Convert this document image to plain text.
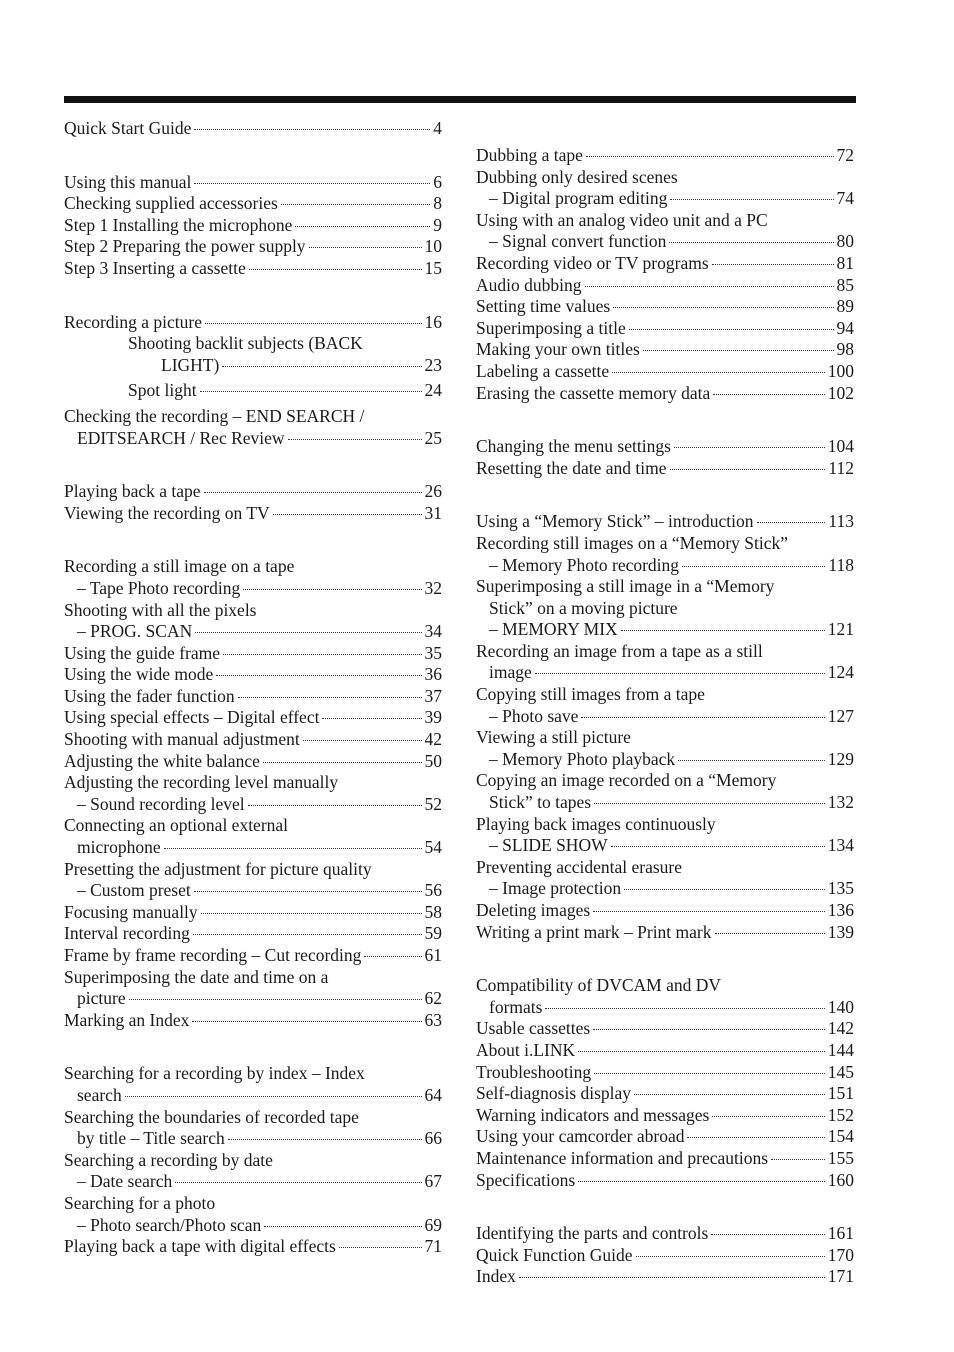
Quick Start Guide	4
Using this manual	6
Checking supplied accessories	8
Step 1 Installing the microphone	9
Step 2 Preparing the power supply	10
Step 3 Inserting a cassette	15
Recording a picture	16
Shooting backlit subjects (BACK
LIGHT)	23
Spot light	24
Checking the recording – END SEARCH /
EDITSEARCH / Rec Review	25
Playing back a tape	26
Viewing the recording on TV	31
Recording a still image on a tape
– Tape Photo recording	32
Shooting with all the pixels
– PROG. SCAN	34
Using the guide frame	35
Using the wide mode	36
Using the fader function	37
Using special effects – Digital effect	39
Shooting with manual adjustment	42
Adjusting the white balance	50
Adjusting the recording level manually
– Sound recording level	52
Connecting an optional external
microphone	54
Presetting the adjustment for picture quality
– Custom preset	56
Focusing manually	58
Interval recording	59
Frame by frame recording – Cut recording	61
Superimposing the date and time on a
picture	62
Marking an Index	63
Searching for a recording by index – Index
search	64
Searching the boundaries of recorded tape
by title – Title search	66
Searching a recording by date
– Date search	67
Searching for a photo
– Photo search/Photo scan	69
Playing back a tape with digital effects	71
Dubbing a tape	72
Dubbing only desired scenes
– Digital program editing	74
Using with an analog video unit and a PC
– Signal convert function	80
Recording video or TV programs	81
Audio dubbing	85
Setting time values	89
Superimposing a title	94
Making your own titles	98
Labeling a cassette	100
Erasing the cassette memory data	102
Changing the menu settings	104
Resetting the date and time	112
Using a “Memory Stick” – introduction	113
Recording still images on a “Memory Stick”
– Memory Photo recording	118
Superimposing a still image in a “Memory
Stick” on a moving picture
– MEMORY MIX	121
Recording an image from a tape as a still
image	124
Copying still images from a tape
– Photo save	127
Viewing a still picture
– Memory Photo playback	129
Copying an image recorded on a “Memory
Stick” to tapes	132
Playing back images continuously
– SLIDE SHOW	134
Preventing accidental erasure
– Image protection	135
Deleting images	136
Writing a print mark – Print mark	139
Compatibility of DVCAM and DV
formats	140
Usable cassettes	142
About i.LINK	144
Troubleshooting	145
Self-diagnosis display	151
Warning indicators and messages	152
Using your camcorder abroad	154
Maintenance information and precautions	155
Specifications	160
Identifying the parts and controls	161
Quick Function Guide	170
Index	171
